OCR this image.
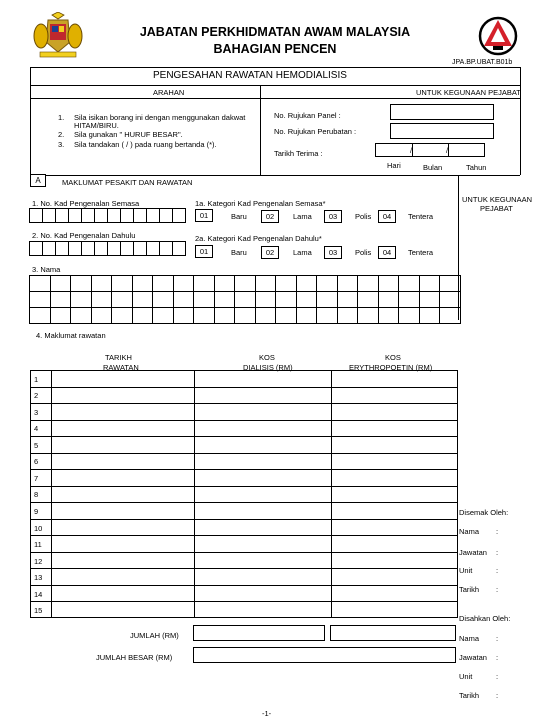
JABATAN PERKHIDMATAN AWAM MALAYSIA
BAHAGIAN PENCEN
JPA.BP.UBAT.B01b
PENGESAHAN RAWATAN HEMODIALISIS
ARAHAN	UNTUK KEGUNAAN PEJABAT
1. Sila isikan borang ini dengan menggunakan dakwat
HITAM/BIRU.
2. Sila gunakan " HURUF BESAR".
3. Sila tandakan ( / ) pada ruang bertanda (*).
No. Rujukan Panel :
No. Rujukan Perubatan :
Tarikh Terima :	/	/
Hari	Bulan	Tahun
A	MAKLUMAT PESAKIT DAN RAWATAN
UNTUK KEGUNAAN
PEJABAT
1. No. Kad Pengenalan Semasa	1a. Kategori Kad Pengenalan Semasa*
01	Baru	02	Lama	03	Polis	04	Tentera
2. No. Kad Pengenalan Dahulu	2a. Kategori Kad Pengenalan Dahulu*
01	Baru	02	Lama	03	Polis	04	Tentera
3. Nama
4. Maklumat rawatan
TARIKH
RAWATAN
KOS
DIALISIS (RM)
KOS
ERYTHROPOETIN (RM)
1
2
3
4
5
6
7
8
9
10
11
12
13
14
15
JUMLAH (RM)
JUMLAH BESAR (RM)
Disemak Oleh:
Nama :
Jawatan :
Unit	:
Tarikh :
Disahkan Oleh:
Nama :
Jawatan :
Unit	:
Tarikh :
-1-
